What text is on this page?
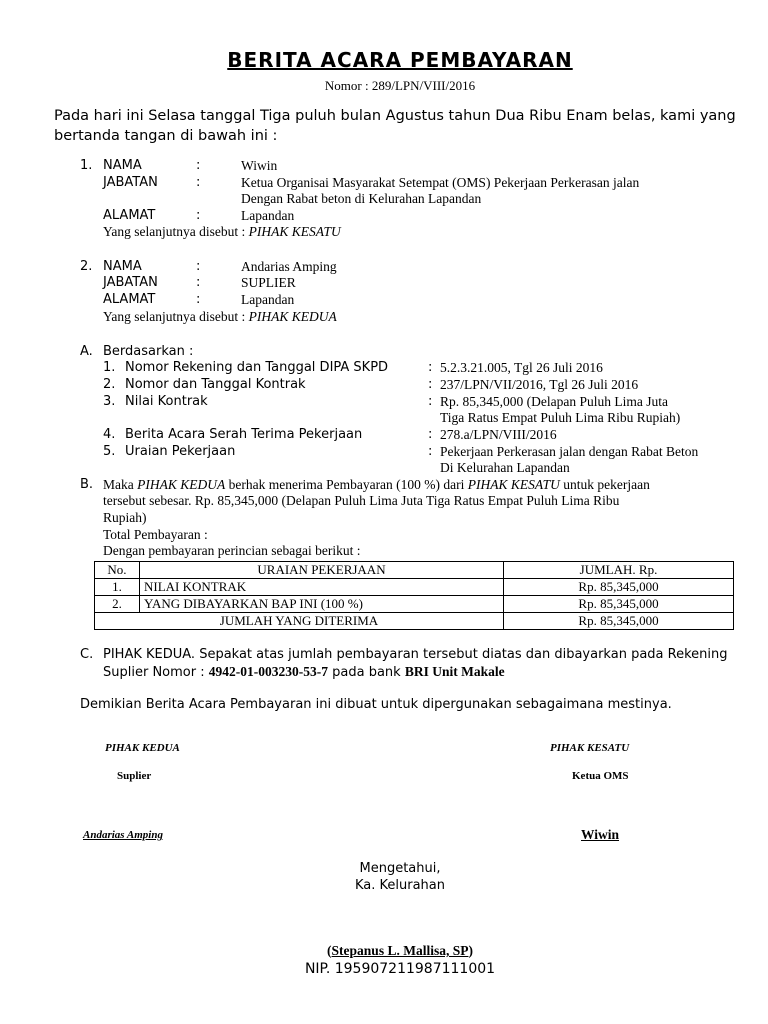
BERITA ACARA PEMBAYARAN
Nomor : 289/LPN/VIII/2016
Pada hari ini Selasa tanggal Tiga puluh bulan Agustus tahun Dua Ribu Enam belas, kami yang bertanda tangan di bawah ini :
1. NAMA	:	Wiwin
JABATAN	:	Ketua Organisai Masyarakat Setempat (OMS) Pekerjaan Perkerasan jalan
Dengan Rabat beton di Kelurahan Lapandan
ALAMAT	:	Lapandan
Yang selanjutnya disebut : PIHAK KESATU
2. NAMA	:	Andarias Amping
JABATAN	:	SUPLIER
ALAMAT	:	Lapandan
Yang selanjutnya disebut : PIHAK KEDUA
A. Berdasarkan :
1. Nomor Rekening dan Tanggal DIPA SKPD	: 5.2.3.21.005, Tgl 26 Juli 2016
2. Nomor dan Tanggal Kontrak	: 237/LPN/VII/2016, Tgl 26 Juli 2016
3. Nilai Kontrak	: Rp. 85,345,000 (Delapan Puluh Lima Juta
Tiga Ratus Empat Puluh Lima Ribu Rupiah)
4. Berita Acara Serah Terima Pekerjaan	: 278.a/LPN/VIII/2016
5. Uraian Pekerjaan	: Pekerjaan Perkerasan jalan dengan Rabat Beton
Di Kelurahan Lapandan
B. Maka PIHAK KEDUA berhak menerima Pembayaran (100 %) dari PIHAK KESATU untuk pekerjaan
tersebut sebesar. Rp. 85,345,000 (Delapan Puluh Lima Juta Tiga Ratus Empat Puluh Lima Ribu
Rupiah)
Total Pembayaran :
Dengan pembayaran perincian sebagai berikut :
No.	URAIAN PEKERJAAN	JUMLAH. Rp.
1.	NILAI KONTRAK	Rp. 85,345,000
2.	YANG DIBAYARKAN BAP INI (100 %)	Rp. 85,345,000
JUMLAH YANG DITERIMA		Rp. 85,345,000
C. PIHAK KEDUA. Sepakat atas jumlah pembayaran tersebut diatas dan dibayarkan pada Rekening
Suplier Nomor : 4942-01-003230-53-7 pada bank BRI Unit Makale
Demikian Berita Acara Pembayaran ini dibuat untuk dipergunakan sebagaimana mestinya.
PIHAK KEDUA
Suplier
Andarias Amping
PIHAK KESATU
Ketua OMS
Wiwin
Mengetahui,
Ka. Kelurahan
(Stepanus L. Mallisa, SP)
NIP. 195907211987111001
